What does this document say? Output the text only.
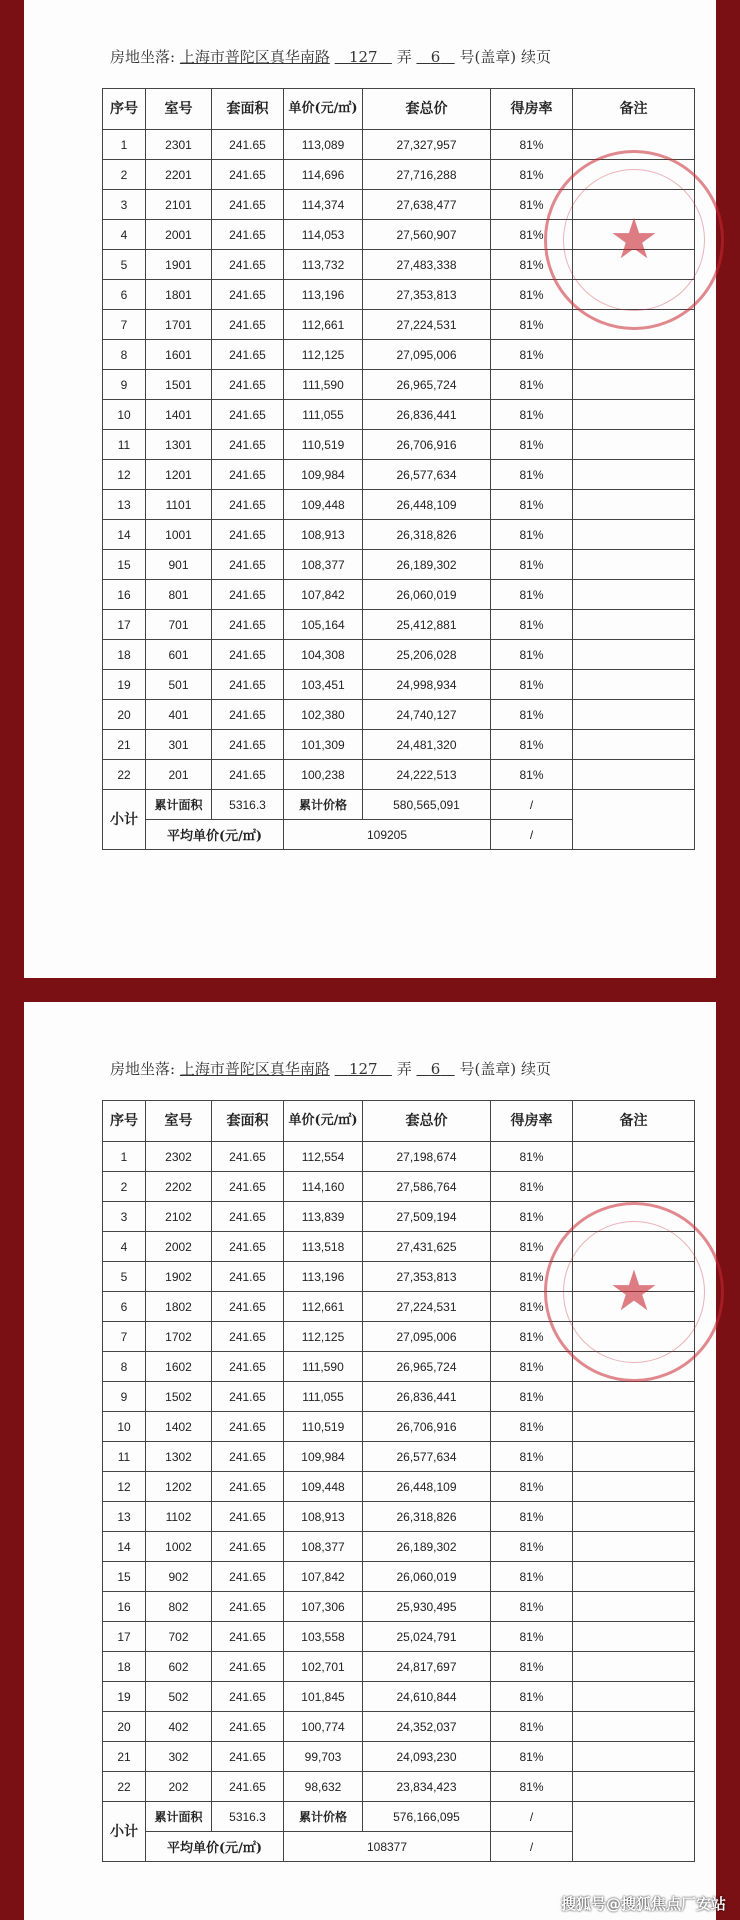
房地坐落: 上海市普陀区真华南路 127 弄 6 号(盖章) 续页
序号	室号	套面积	单价(元/㎡)	套总价	得房率	备注
1	2301	241.65	113,089	27,327,957	81%	
2	2201	241.65	114,696	27,716,288	81%	
3	2101	241.65	114,374	27,638,477	81%	
4	2001	241.65	114,053	27,560,907	81%	
5	1901	241.65	113,732	27,483,338	81%	
6	1801	241.65	113,196	27,353,813	81%	
7	1701	241.65	112,661	27,224,531	81%	
8	1601	241.65	112,125	27,095,006	81%	
9	1501	241.65	111,590	26,965,724	81%	
10	1401	241.65	111,055	26,836,441	81%	
11	1301	241.65	110,519	26,706,916	81%	
12	1201	241.65	109,984	26,577,634	81%	
13	1101	241.65	109,448	26,448,109	81%	
14	1001	241.65	108,913	26,318,826	81%	
15	901	241.65	108,377	26,189,302	81%	
16	801	241.65	107,842	26,060,019	81%	
17	701	241.65	105,164	25,412,881	81%	
18	601	241.65	104,308	25,206,028	81%	
19	501	241.65	103,451	24,998,934	81%	
20	401	241.65	102,380	24,740,127	81%	
21	301	241.65	101,309	24,481,320	81%	
22	201	241.65	100,238	24,222,513	81%	
小计	累计面积	5316.3	累计价格	580,565,091	/	
	平均单价(元/㎡)		109205		/	
★
房地坐落: 上海市普陀区真华南路 127 弄 6 号(盖章) 续页
序号	室号	套面积	单价(元/㎡)	套总价	得房率	备注
1	2302	241.65	112,554	27,198,674	81%	
2	2202	241.65	114,160	27,586,764	81%	
3	2102	241.65	113,839	27,509,194	81%	
4	2002	241.65	113,518	27,431,625	81%	
5	1902	241.65	113,196	27,353,813	81%	
6	1802	241.65	112,661	27,224,531	81%	
7	1702	241.65	112,125	27,095,006	81%	
8	1602	241.65	111,590	26,965,724	81%	
9	1502	241.65	111,055	26,836,441	81%	
10	1402	241.65	110,519	26,706,916	81%	
11	1302	241.65	109,984	26,577,634	81%	
12	1202	241.65	109,448	26,448,109	81%	
13	1102	241.65	108,913	26,318,826	81%	
14	1002	241.65	108,377	26,189,302	81%	
15	902	241.65	107,842	26,060,019	81%	
16	802	241.65	107,306	25,930,495	81%	
17	702	241.65	103,558	25,024,791	81%	
18	602	241.65	102,701	24,817,697	81%	
19	502	241.65	101,845	24,610,844	81%	
20	402	241.65	100,774	24,352,037	81%	
21	302	241.65	99,703	24,093,230	81%	
22	202	241.65	98,632	23,834,423	81%	
小计	累计面积	5316.3	累计价格	576,166,095	/	
	平均单价(元/㎡)		108377		/	
★
搜狐号@搜狐焦点厂安站
